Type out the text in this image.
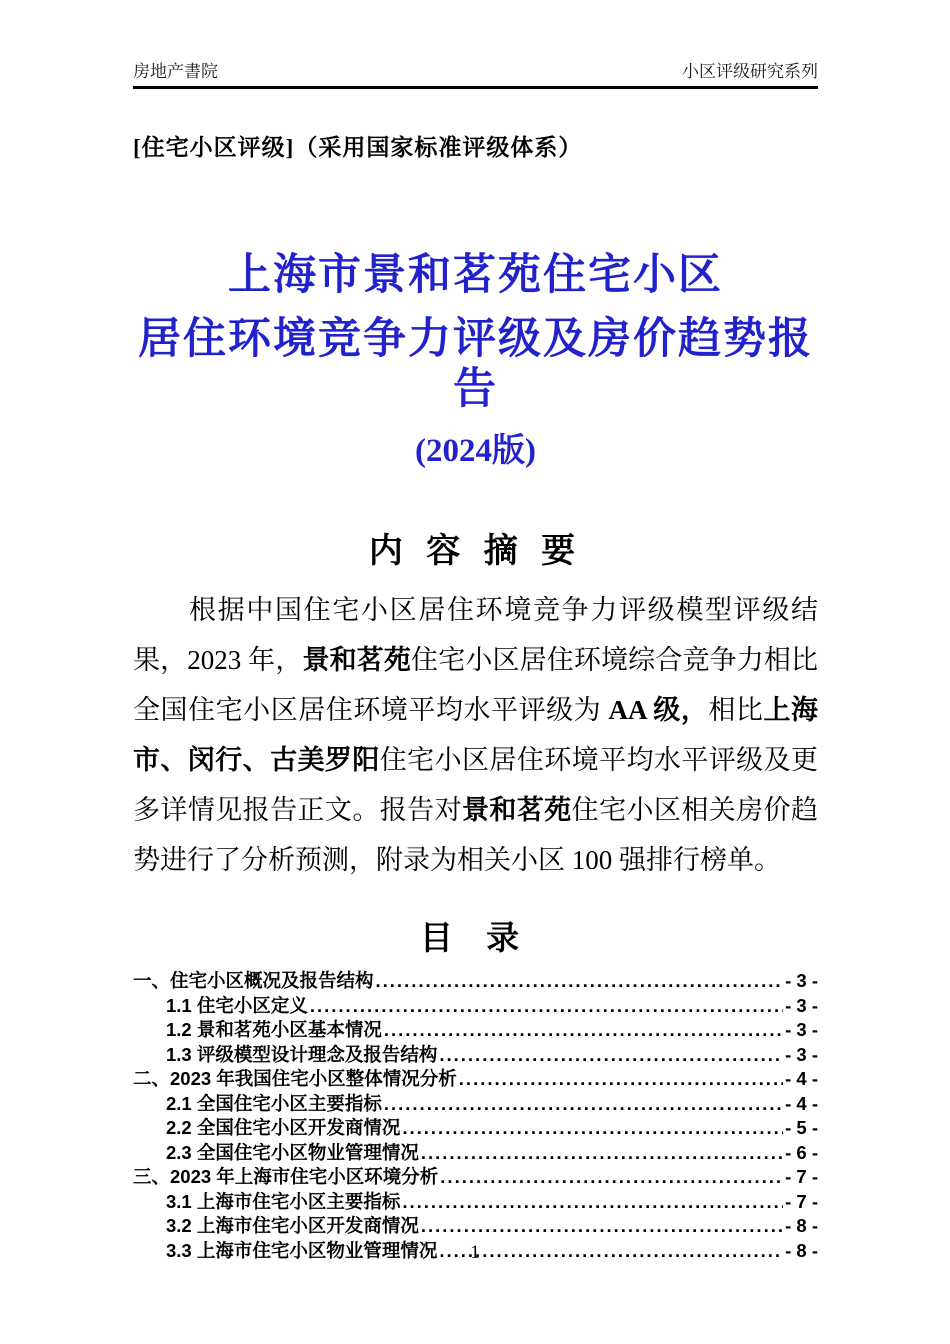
房地产書院	小区评级研究系列
[住宅小区评级]（采用国家标准评级体系）
上海市景和茗苑住宅小区
居住环境竞争力评级及房价趋势报告
(2024版)
内 容 摘 要

根据中国住宅小区居住环境竞争力评级模型评级结果，2023 年，景和茗苑住宅小区居住环境综合竞争力相比全国住宅小区居住环境平均水平评级为 AA 级，相比上海市、闵行、古美罗阳住宅小区居住环境平均水平评级及更多详情见报告正文。报告对景和茗苑住宅小区相关房价趋势进行了分析预测，附录为相关小区 100 强排行榜单。

目 录
一、住宅小区概况及报告结构 .....	- 3 -
1.1 住宅小区定义 .....	- 3 -
1.2 景和茗苑小区基本情况 .....	- 3 -
1.3 评级模型设计理念及报告结构 .....	- 3 -
二、2023 年我国住宅小区整体情况分析 .....	- 4 -
2.1 全国住宅小区主要指标 .....	- 4 -
2.2 全国住宅小区开发商情况 .....	- 5 -
2.3 全国住宅小区物业管理情况 .....	- 6 -
三、2023 年上海市住宅小区环境分析 .....	- 7 -
3.1 上海市住宅小区主要指标 .....	- 7 -
3.2 上海市住宅小区开发商情况 .....	- 8 -
3.3 上海市住宅小区物业管理情况 .....	- 8 -
1
